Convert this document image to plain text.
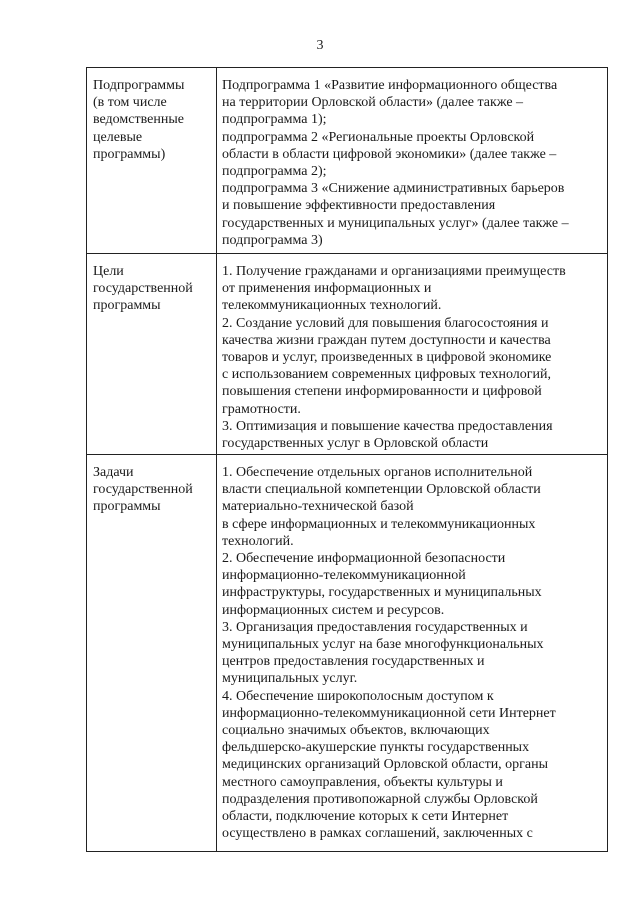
3
Подпрограммы
(в том числе
ведомственные
целевые
программы)
Подпрограмма 1 «Развитие информационного общества
на территории Орловской области» (далее также –
подпрограмма 1);
подпрограмма 2 «Региональные проекты Орловской
области в области цифровой экономики» (далее также –
подпрограмма 2);
подпрограмма 3 «Снижение административных барьеров
и повышение эффективности предоставления
государственных и муниципальных услуг» (далее также –
подпрограмма 3)
Цели
государственной
программы
1. Получение гражданами и организациями преимуществ
от применения информационных и
телекоммуникационных технологий.
2. Создание условий для повышения благосостояния и
качества жизни граждан путем доступности и качества
товаров и услуг, произведенных в цифровой экономике
с использованием современных цифровых технологий,
повышения степени информированности и цифровой
грамотности.
3. Оптимизация и повышение качества предоставления
государственных услуг в Орловской области
Задачи
государственной
программы
1. Обеспечение отдельных органов исполнительной
власти специальной компетенции Орловской области
материально-технической базой
в сфере информационных и телекоммуникационных
технологий.
2. Обеспечение информационной безопасности
информационно-телекоммуникационной
инфраструктуры, государственных и муниципальных
информационных систем и ресурсов.
3. Организация предоставления государственных и
муниципальных услуг на базе многофункциональных
центров предоставления государственных и
муниципальных услуг.
4. Обеспечение широкополосным доступом к
информационно-телекоммуникационной сети Интернет
социально значимых объектов, включающих
фельдшерско-акушерские пункты государственных
медицинских организаций Орловской области, органы
местного самоуправления, объекты культуры и
подразделения противопожарной службы Орловской
области, подключение которых к сети Интернет
осуществлено в рамках соглашений, заключенных с
